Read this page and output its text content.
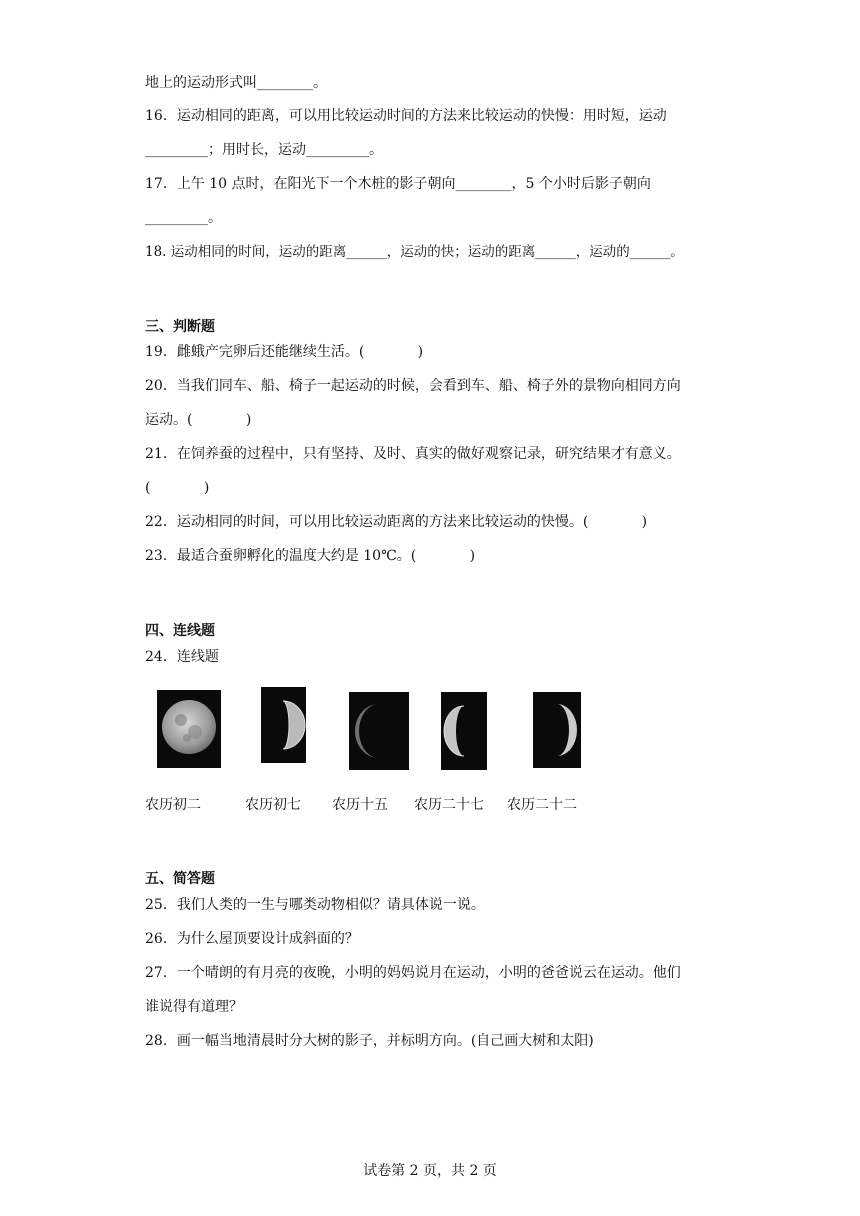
地上的运动形式叫________。
16．运动相同的距离，可以用比较运动时间的方法来比较运动的快慢：用时短，运动
_________；用时长，运动_________。
17．上午 10 点时，在阳光下一个木桩的影子朝向________，5 个小时后影子朝向
_________。
18. 运动相同的时间，运动的距离______，运动的快；运动的距离______，运动的______。
三、判断题
19．雌蛾产完卵后还能继续生活。(            )
20．当我们同车、船、椅子一起运动的时候，会看到车、船、椅子外的景物向相同方向
运动。(            )
21．在饲养蚕的过程中，只有坚持、及时、真实的做好观察记录，研究结果才有意义。
(            )
22．运动相同的时间，可以用比较运动距离的方法来比较运动的快慢。(            )
23．最适合蚕卵孵化的温度大约是 10℃。(            )
四、连线题
24．连线题
农历初二	农历初七 农历十五 农历二十七 农历二十二
五、简答题
25．我们人类的一生与哪类动物相似？请具体说一说。
26．为什么屋顶要设计成斜面的？
27．一个晴朗的有月亮的夜晚，小明的妈妈说月在运动，小明的爸爸说云在运动。他们
谁说得有道理？
28．画一幅当地清晨时分大树的影子，并标明方向。(自己画大树和太阳)
试卷第 2 页，共 2 页
